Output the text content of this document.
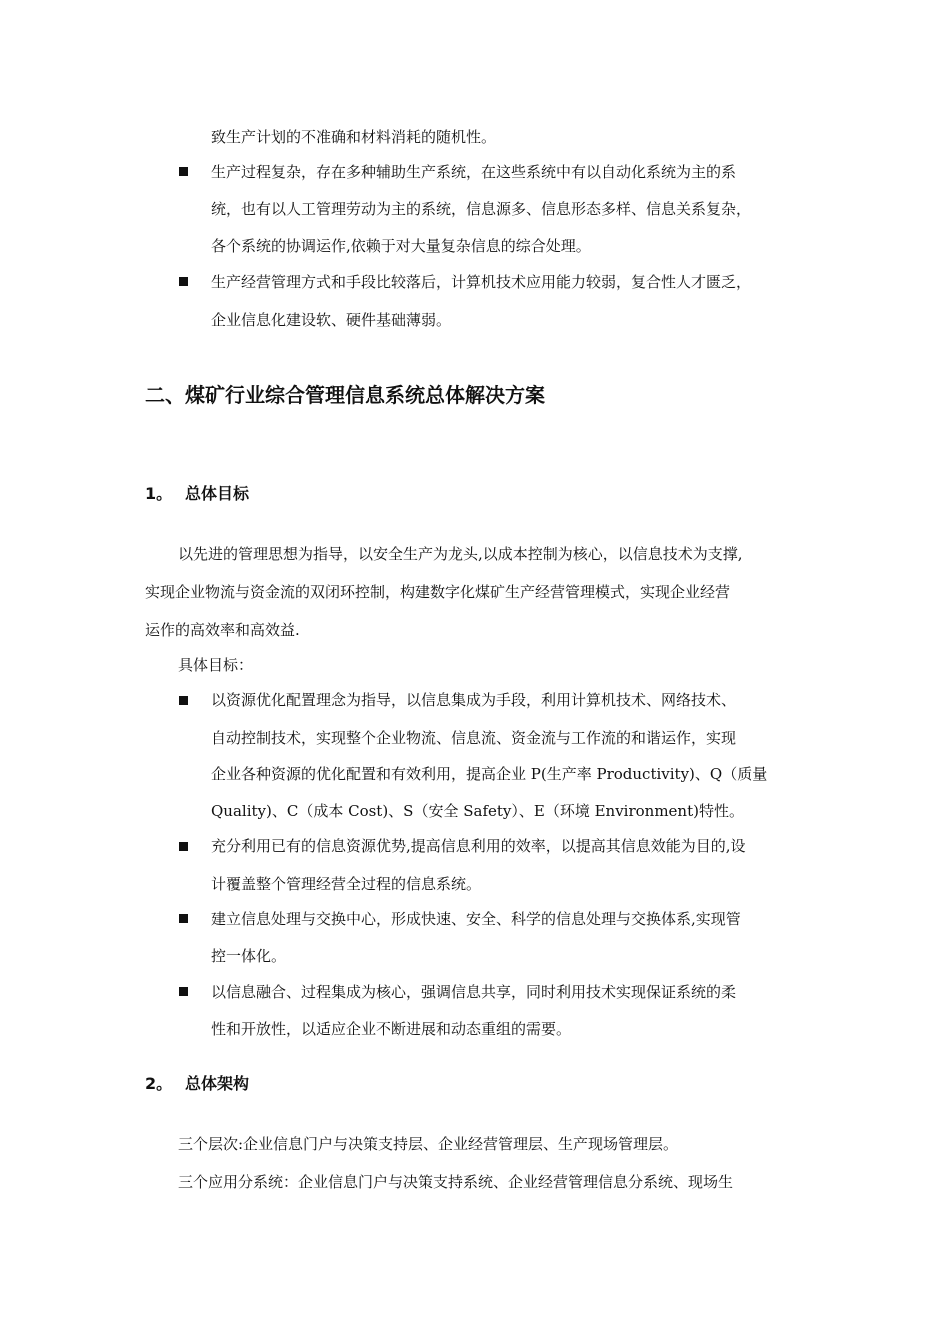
致生产计划的不准确和材料消耗的随机性。
生产过程复杂，存在多种辅助生产系统，在这些系统中有以自动化系统为主的系
统，也有以人工管理劳动为主的系统，信息源多、信息形态多样、信息关系复杂，
各个系统的协调运作,依赖于对大量复杂信息的综合处理。
生产经营管理方式和手段比较落后，计算机技术应用能力较弱，复合性人才匮乏，
企业信息化建设软、硬件基础薄弱。
二、煤矿行业综合管理信息系统总体解决方案
1。 总体目标
以先进的管理思想为指导，以安全生产为龙头,以成本控制为核心，以信息技术为支撑,
实现企业物流与资金流的双闭环控制，构建数字化煤矿生产经营管理模式，实现企业经营
运作的高效率和高效益.
具体目标：
以资源优化配置理念为指导，以信息集成为手段，利用计算机技术、网络技术、
自动控制技术，实现整个企业物流、信息流、资金流与工作流的和谐运作，实现
企业各种资源的优化配置和有效利用，提高企业 P(生产率 Productivity)、Q（质量
Quality)、C（成本 Cost)、S（安全 Safety）、E（环境 Environment)特性。
充分利用已有的信息资源优势,提高信息利用的效率，以提高其信息效能为目的,设
计覆盖整个管理经营全过程的信息系统。
建立信息处理与交换中心，形成快速、安全、科学的信息处理与交换体系,实现管
控一体化。
以信息融合、过程集成为核心，强调信息共享，同时利用技术实现保证系统的柔
性和开放性，以适应企业不断进展和动态重组的需要。
2。 总体架构
三个层次:企业信息门户与决策支持层、企业经营管理层、生产现场管理层。
三个应用分系统：企业信息门户与决策支持系统、企业经营管理信息分系统、现场生
